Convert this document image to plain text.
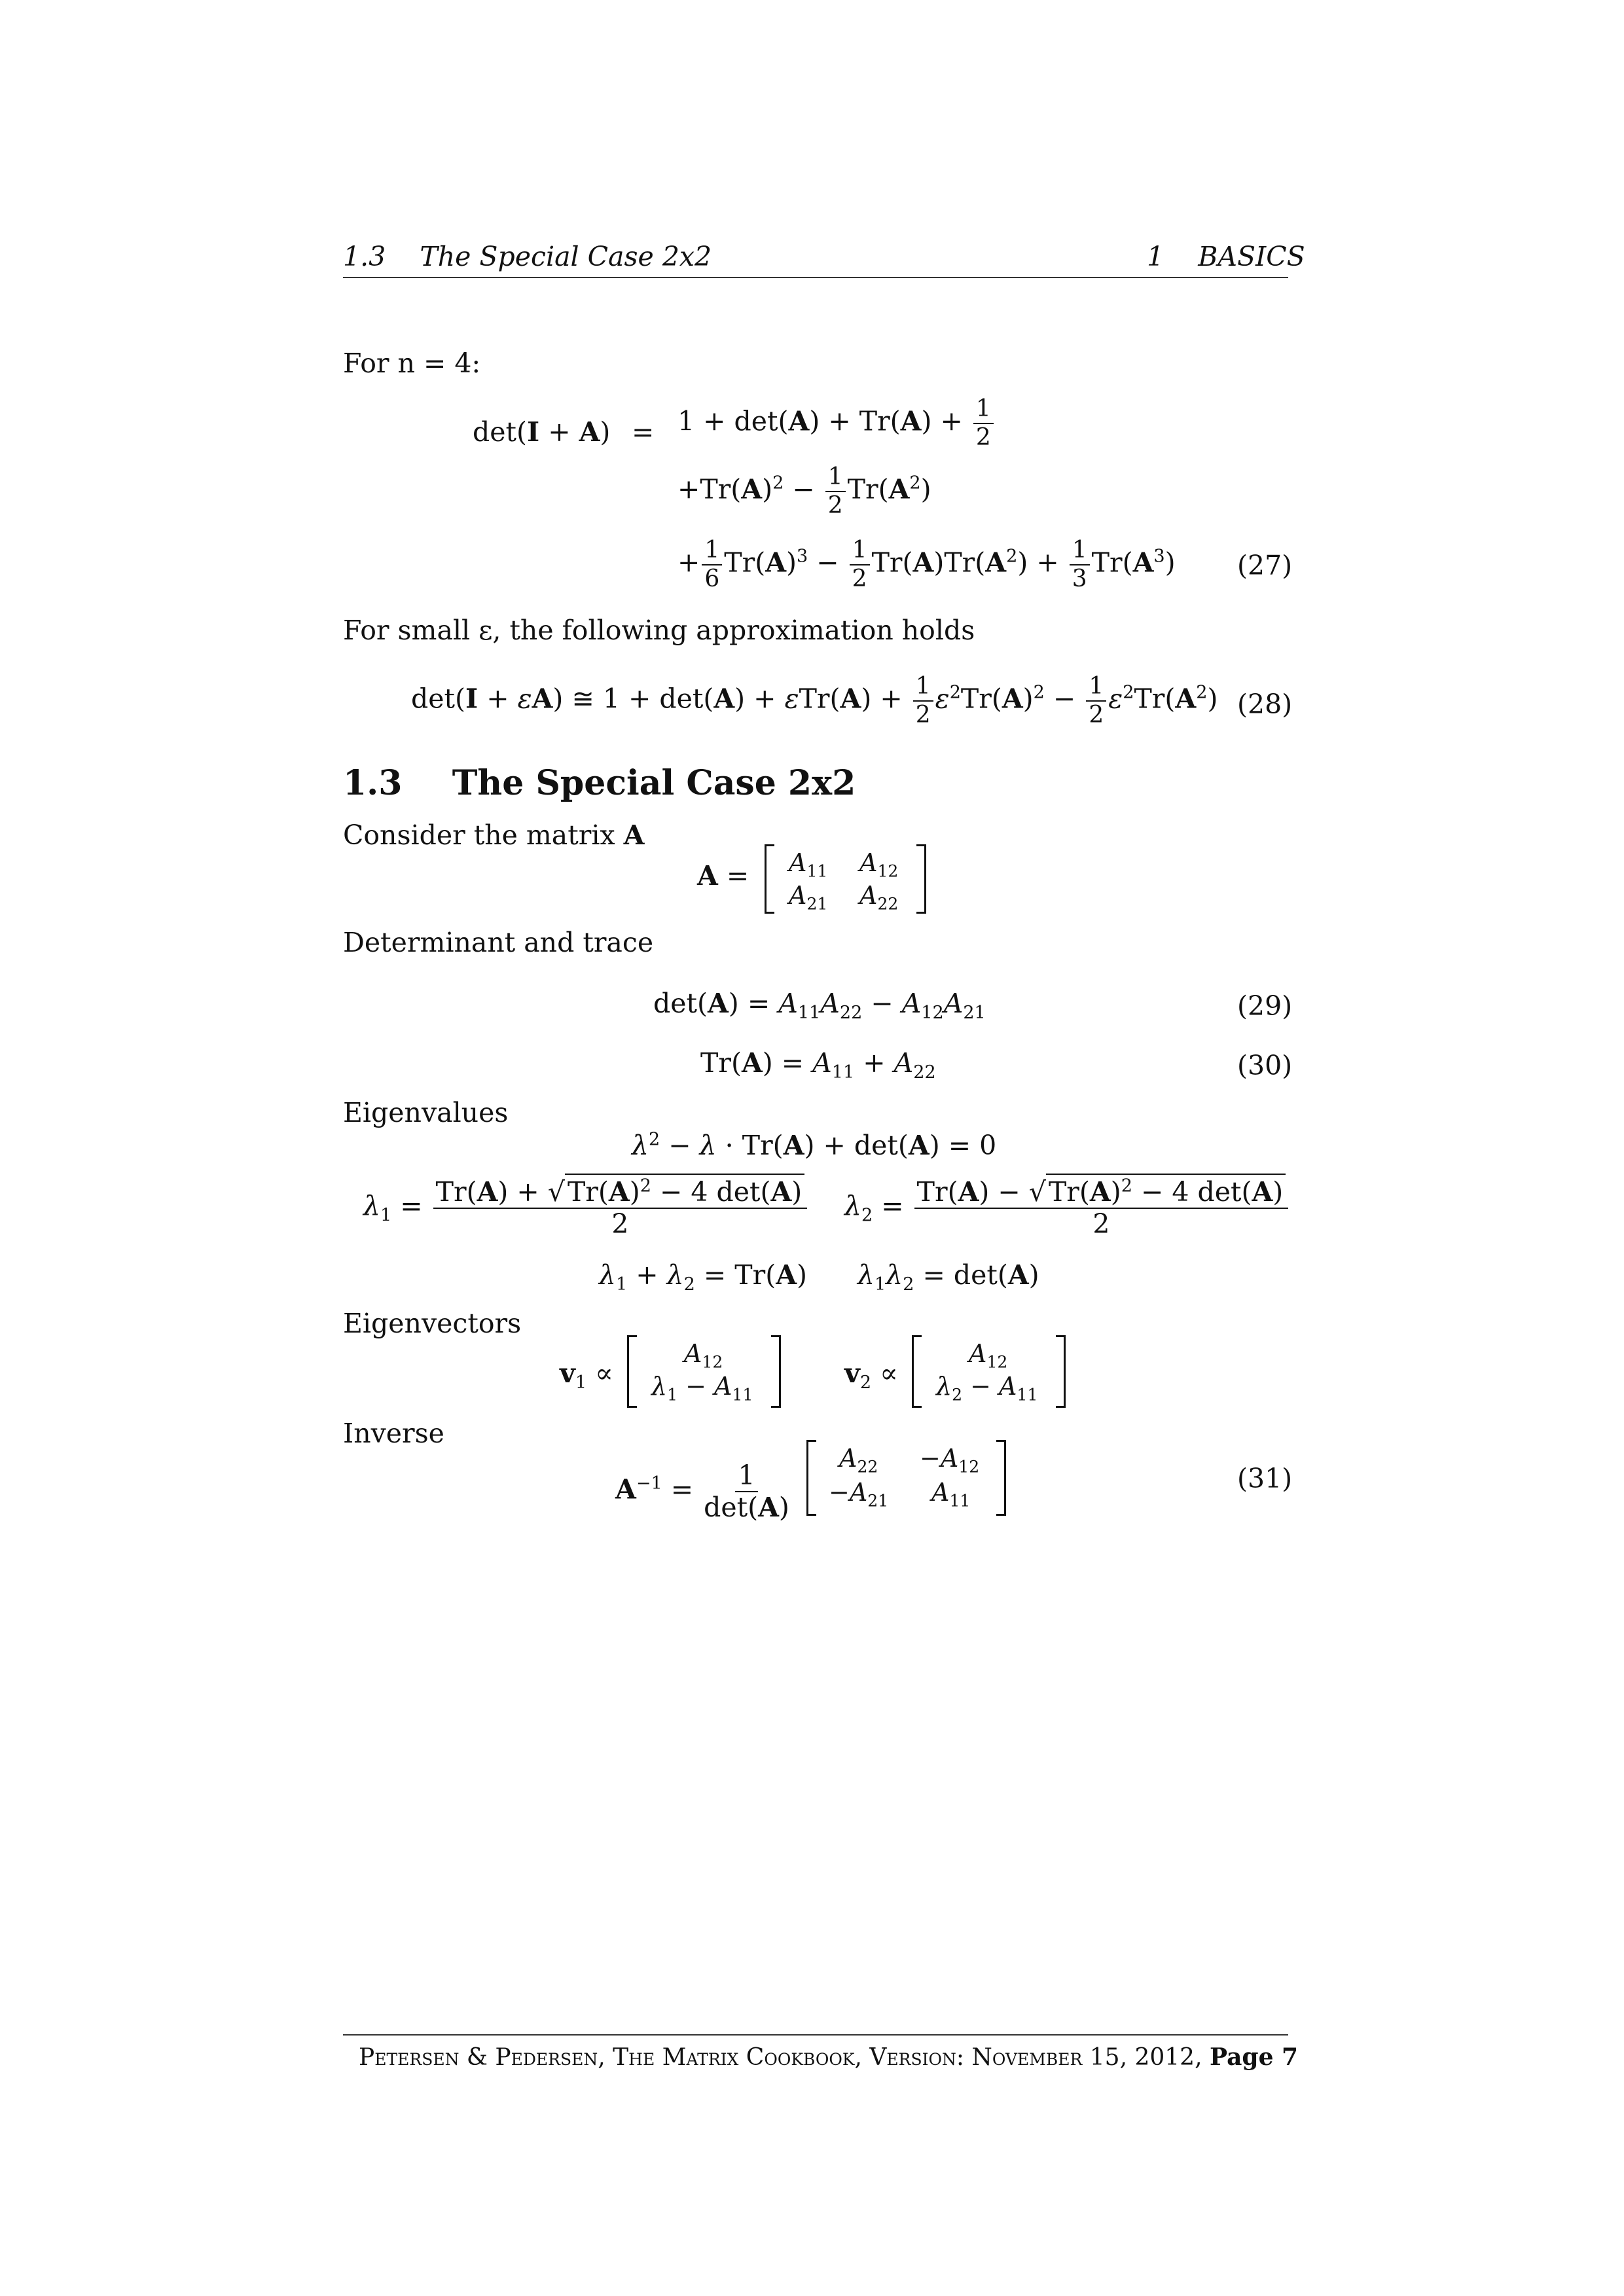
1.3 The Special Case 2x2	1 BASICS
For n = 4:
$\det(I + A) = 1 + \det(A) + Tr(A) + \frac{1}{2}$
$+Tr(A)^2 - \frac{1}{2} Tr(A^2)$
+ $\frac{1}{6} Tr(A)^3 - \frac{1}{2} Tr(A)Tr(A^2) + \frac{1}{3} Tr(A^3)$ (27)
For small ε, the following approximation holds
det(I + εA) ≅ $1 + \det(A) + \varepsilon Tr(A) + \frac{1}{2} \varepsilon^2Tr(A)^2 - \frac{1}{2} \varepsilon^2Tr(A^2)$ (28)
1.3 The Special Case 2x2
Consider the matrix A
$A = A_{11}$ $A_{12}$
$A_{21}$ $A_{22}$
Determinant and trace
$\det(A) = A_{11}A_{22} - A_{12}A_{21}$	(29)
$Tr(A) = A_{11} + A_{22}$	(30)
Eigenvalues
$\lambda^2 - \lambda \cdot Tr(A) + \det(A) = 0$
$\lambda_1 = \frac{Tr(A) + √Tr(A)^2 - 4 \det(A)}{2} \lambda_2 = \frac{Tr(A) - √Tr(A)^2 - 4 \det(A)}{2}$
$\lambda_1 + \lambda_2 = Tr(A) \lambda_1\lambda_2 = \det(A)$
Eigenvectors
$v_1$ ∝
$A_{12}$
$\lambda_1 - A_{11}$
$v_2$ ∝
$A_{12}$
$\lambda_2 - A_{11}$
Inverse
$A^{-1} = \frac{1}{\det(A)}$
$A_{22} -A_{12}$
$-A_{21}$ $A_{11}$
(31)
Petersen & Pedersen, The Matrix Cookbook, Version: November 15, 2012, Page 7
